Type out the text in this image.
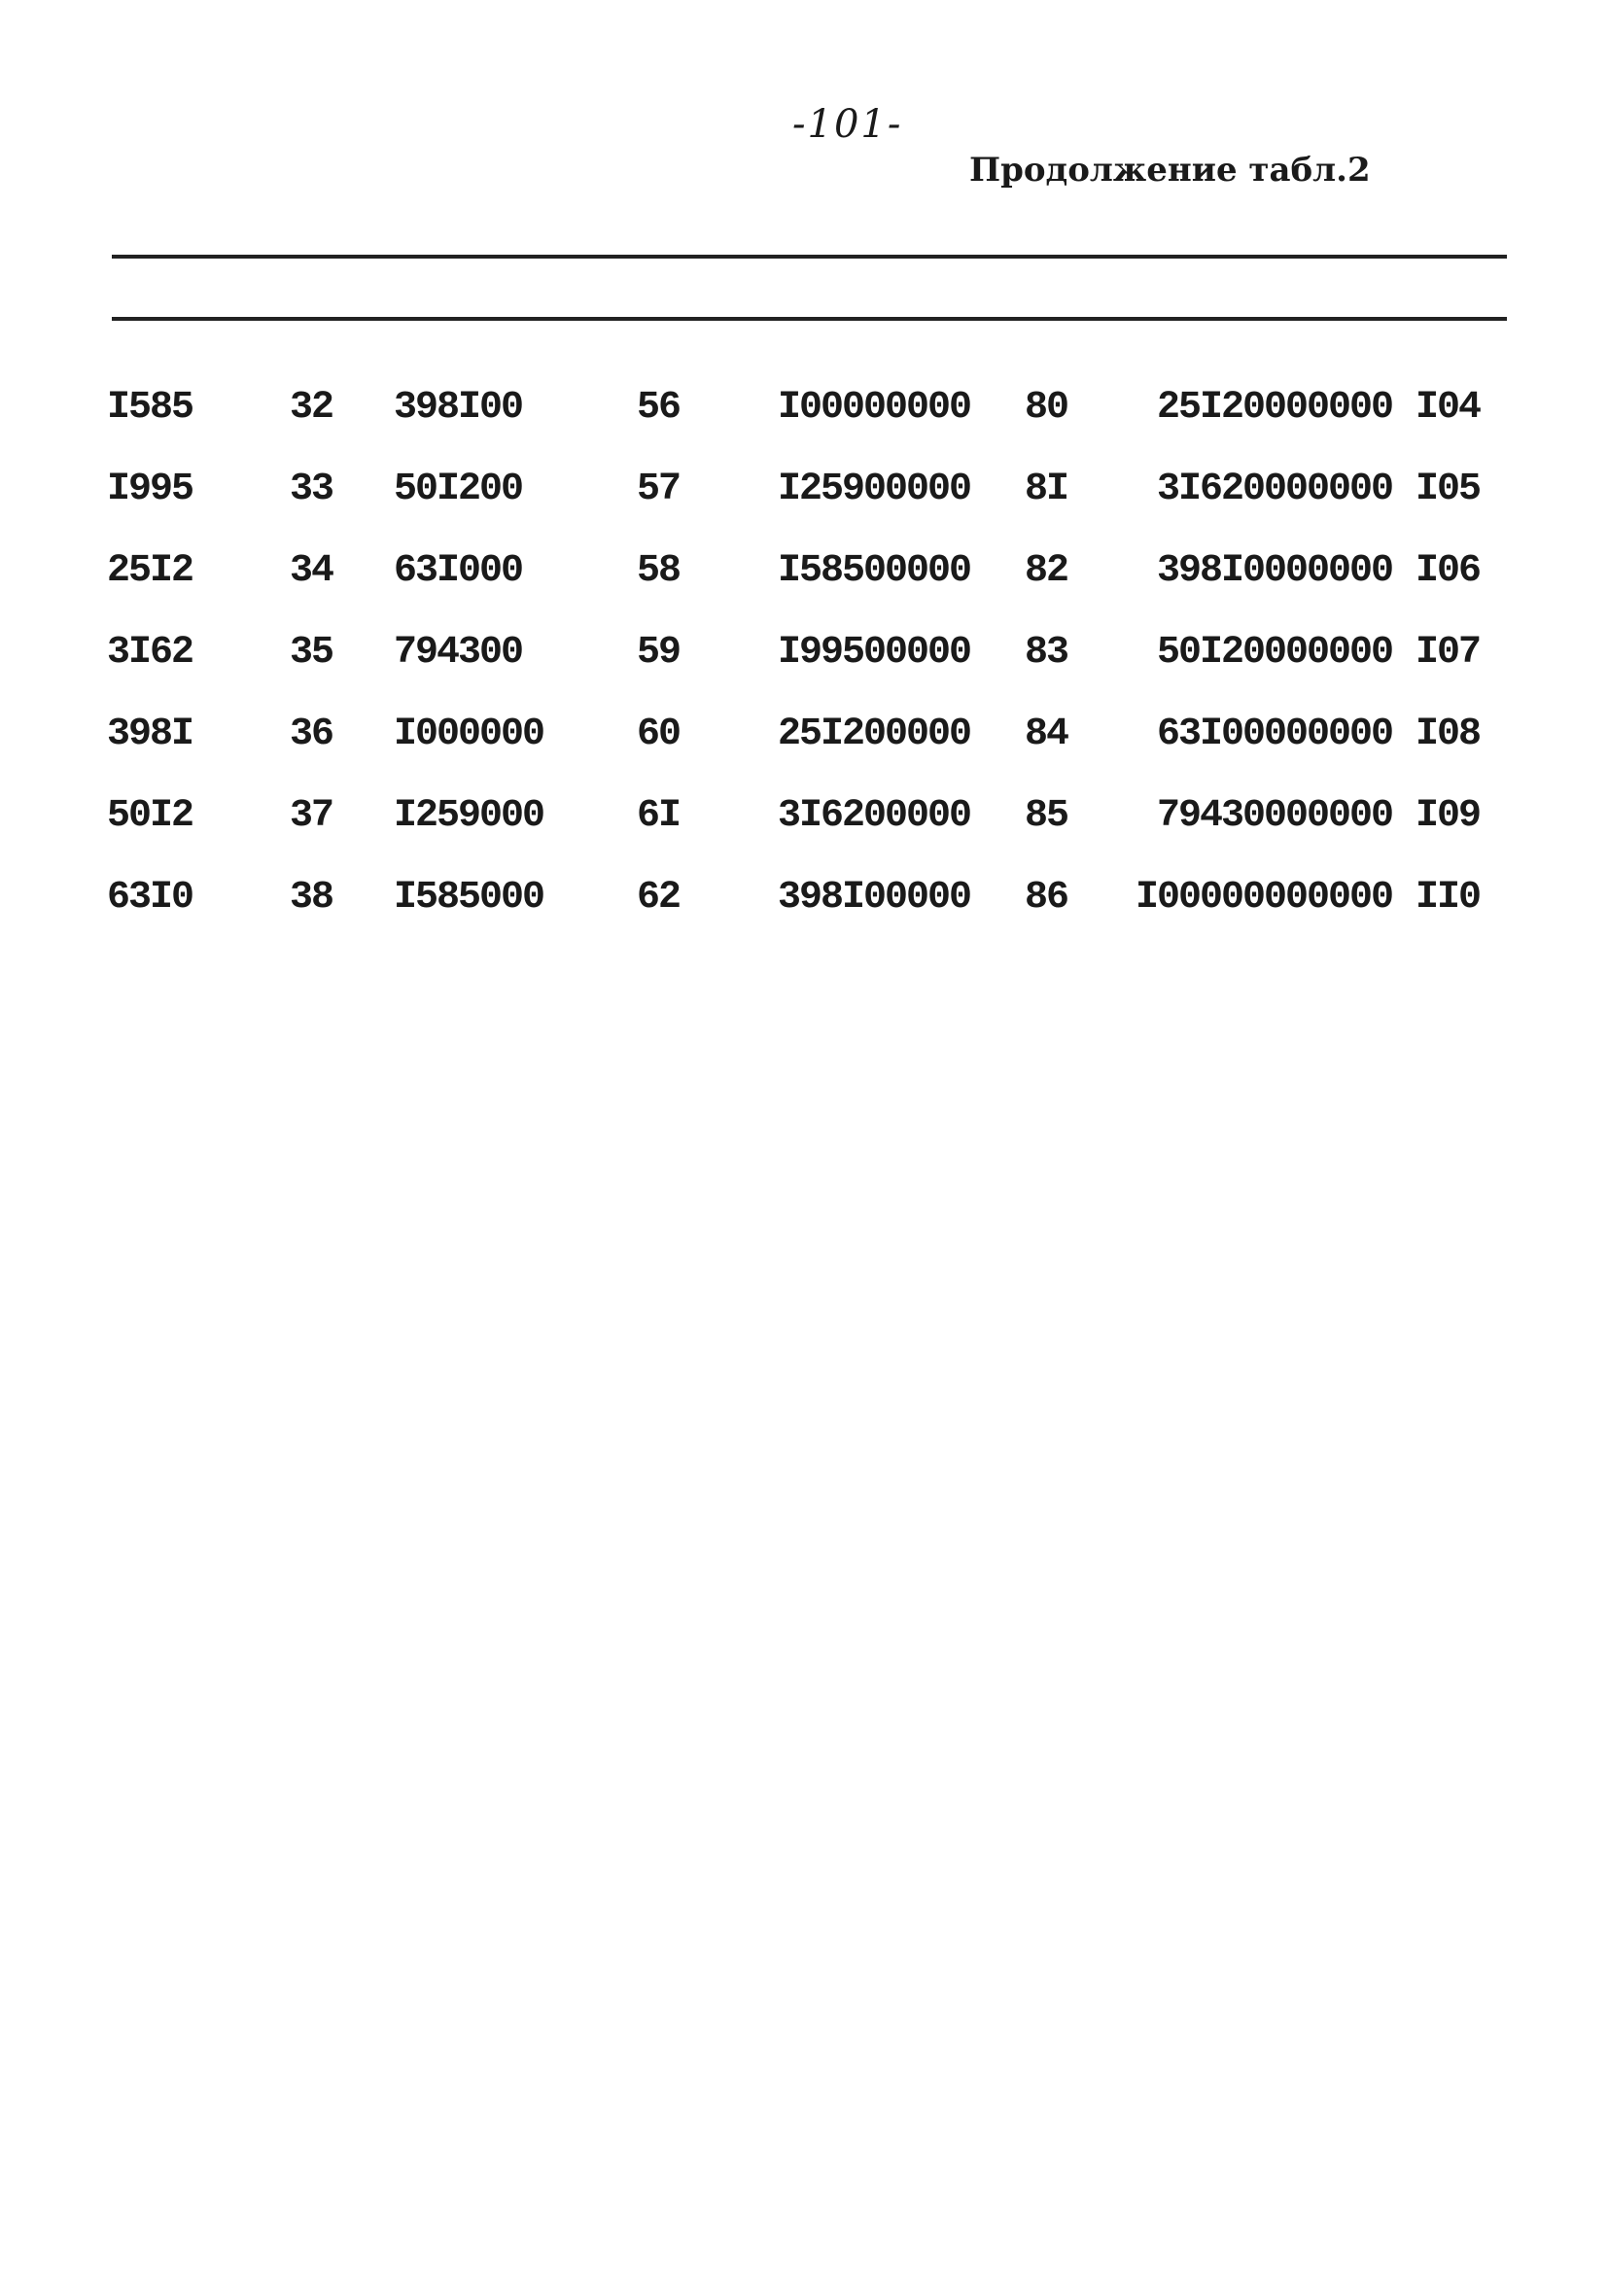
-101-
Продолжение табл.2
I585 32 398I00	56	I00000000 80 25I20000000 I04
I995 33 50I200	57	I25900000 8I 3I620000000 I05
25I2 34 63I000	58	I58500000 82 398I0000000 I06
3I62 35 794300	59	I99500000 83 50I20000000 I07
398I 36 I000000 60	25I200000 84 63I00000000 I08
50I2 37 I259000 6I	3I6200000 85 79430000000 I09
63I0 38 I585000 62	398I00000 86 I00000000000 II0
